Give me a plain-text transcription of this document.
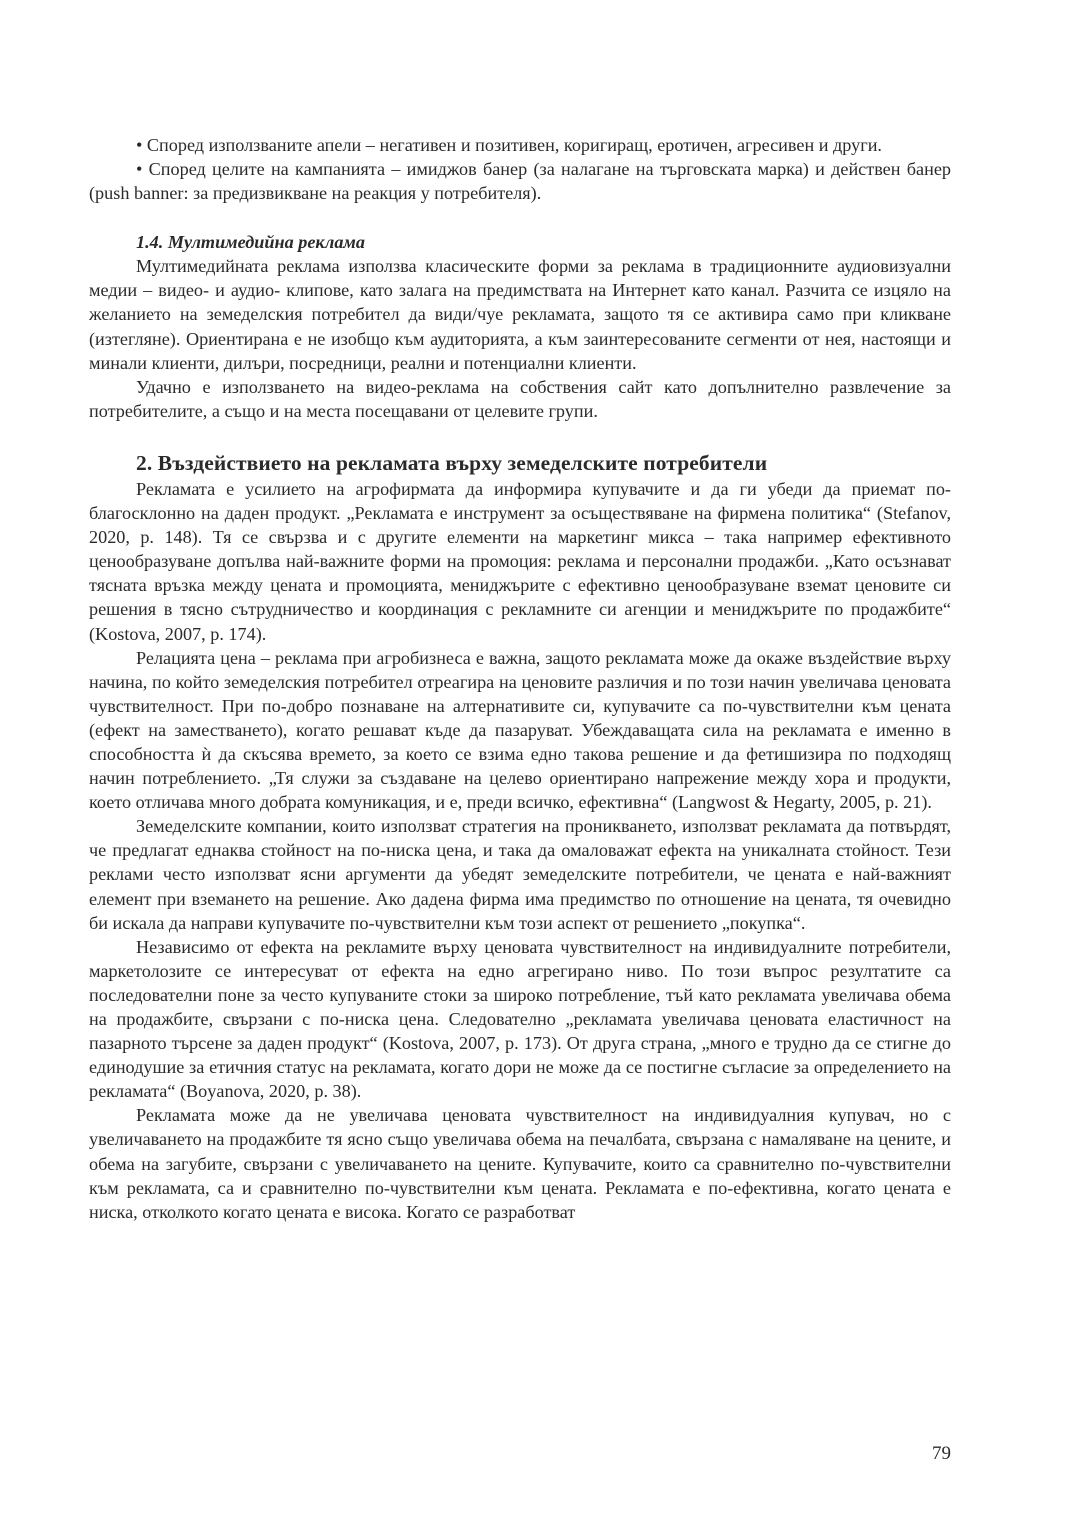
• Според използваните апели – негативен и позитивен, коригиращ, еротичен, агресивен и други.

• Според целите на кампанията – имиджов банер (за налагане на търговската марка) и действен банер (push banner: за предизвикване на реакция у потребителя).

1.4. Мултимедийна реклама

Мултимедийната реклама използва класическите форми за реклама в традиционните аудиовизуални медии – видео- и аудио- клипове, като залага на предимствата на Интернет като канал. Разчита се изцяло на желанието на земеделския потребител да види/чуе рекламата, защото тя се активира само при кликване (изтегляне). Ориентирана е не изобщо към аудиторията, а към заинтересованите сегменти от нея, настоящи и минали клиенти, дилъри, посредници, реални и потенциални клиенти.

Удачно е използването на видео-реклама на собствения сайт като допълнително развлечение за потребителите, а също и на места посещавани от целевите групи.

2. Въздействието на рекламата върху земеделските потребители

Рекламата е усилието на агрофирмата да информира купувачите и да ги убеди да приемат по-благосклонно на даден продукт. „Рекламата е инструмент за осъществяване на фирмена политика“ (Stefanov, 2020, p. 148). Тя се свързва и с другите елементи на маркетинг микса – така например ефективното ценообразуване допълва най-важните форми на промоция: реклама и персонални продажби. „Като осъзнават тясната връзка между цената и промоцията, мениджърите с ефективно ценообразуване вземат ценовите си решения в тясно сътрудничество и координация с рекламните си агенции и мениджърите по продажбите“ (Kostova, 2007, p. 174).

Релацията цена – реклама при агробизнеса е важна, защото рекламата може да окаже въздействие върху начина, по който земеделския потребител отреагира на ценовите различия и по този начин увеличава ценовата чувствителност. При по-добро познаване на алтернативите си, купувачите са по-чувствителни към цената (ефект на заместването), когато решават къде да пазаруват. Убеждаващата сила на рекламата е именно в способността ѝ да скъсява времето, за което се взима едно такова решение и да фетишизира по подходящ начин потреблението. „Тя служи за създаване на целево ориентирано напрежение между хора и продукти, което отличава много добрата комуникация, и е, преди всичко, ефективна“ (Langwost & Hegarty, 2005, p. 21).

Земеделските компании, които използват стратегия на проникването, използват рекламата да потвърдят, че предлагат еднаква стойност на по-ниска цена, и така да омаловажат ефекта на уникалната стойност. Тези реклами често използват ясни аргументи да убедят земеделските потребители, че цената е най-важният елемент при вземането на решение. Ако дадена фирма има предимство по отношение на цената, тя очевидно би искала да направи купувачите по-чувствителни към този аспект от решението „покупка“.

Независимо от ефекта на рекламите върху ценовата чувствителност на индивидуалните потребители, маркетолозите се интересуват от ефекта на едно агрегирано ниво. По този въпрос резултатите са последователни поне за често купуваните стоки за широко потребление, тъй като рекламата увеличава обема на продажбите, свързани с по-ниска цена. Следователно „рекламата увеличава ценовата еластичност на пазарното търсене за даден продукт“ (Kostova, 2007, p. 173). От друга страна, „много е трудно да се стигне до единодушие за етичния статус на рекламата, когато дори не може да се постигне съгласие за определението на рекламата“ (Boyanova, 2020, p. 38).

Рекламата може да не увеличава ценовата чувствителност на индивидуалния купувач, но с увеличаването на продажбите тя ясно също увеличава обема на печалбата, свързана с намаляване на цените, и обема на загубите, свързани с увеличаването на цените. Купувачите, които са сравнително по-чувствителни към рекламата, са и сравнително по-чувствителни към цената. Рекламата е по-ефективна, когато цената е ниска, отколкото когато цената е висока. Когато се разработват

79
